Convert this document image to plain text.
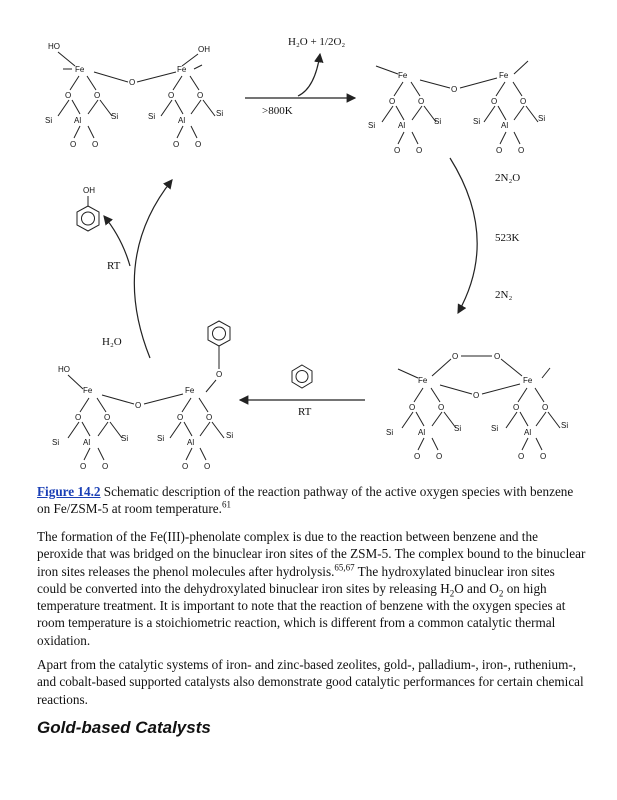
O	O
O	O
HO	OH
Fe	Fe
O
Si	Al	Si	Si	Al
Si
H₂O + 1/2O₂
>800K
Fe	Fe
O
Si	Al	Si	Si	Al
Si
2N₂O
523K
2N₂
O	O
Fe	Fe
O
Si	Al	Si	Si	Al
Si
RT
HO
Fe	Fe
O
O
Si	Al	Si	Si	Al
Si
RT
H₂O
OH
Figure 14.2 Schematic description of the reaction pathway of the active oxygen species with benzene on Fe/ZSM-5 at room temperature.$^{61}$
The formation of the Fe(III)-phenolate complex is due to the reaction between benzene and the peroxide that was bridged on the binuclear iron sites of the ZSM-5. The complex bound to the binuclear iron sites releases the phenol molecules after hydrolysis.$^{65,67}$ The hydroxylated binuclear iron sites could be converted into the dehydroxylated binuclear iron sites by releasing $H_2O$ and $O_2$ on high temperature treatment. It is important to note that the reaction of benzene with the oxygen species at room temperature is a stoichiometric reaction, which is different from a common catalytic thermal oxidation.
Apart from the catalytic systems of iron- and zinc-based zeolites, gold-, palladium-, iron-, ruthenium-, and cobalt-based supported catalysts also demonstrate good catalytic performances for certain chemical reactions.
Gold-based Catalysts
